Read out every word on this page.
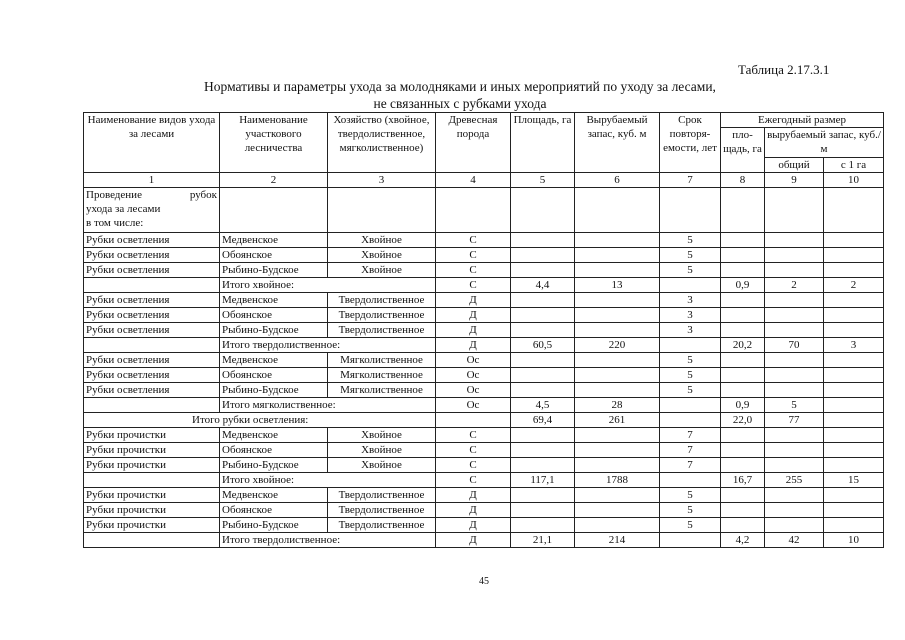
Таблица 2.17.3.1
Нормативы и параметры ухода за молодняками и иных мероприятий по уходу за лесами,
не связанных с рубками ухода
Наименование видов ухода за лесами	Наименование участкового лесничества	Хозяйство (хвойное, твердолиственное, мягколиственное)	Древесная порода	Площадь, га	Вырубаемый запас, куб. м	Срок повторя-емости, лет	Ежегодный размер		
							пло-щадь, га	вырубаемый запас, куб./м	
								общий	с 1 га
1	2	3	4	5	6	7	8	9	10

Проведение рубок
ухода за лесами
в том числе:									

Рубки осветления	Медвенское	Хвойное	С			5			
Рубки осветления	Обоянское	Хвойное	С			5			
Рубки осветления	Рыбино-Будское	Хвойное	С			5			
	Итого хвойное:		С	4,4	13		0,9	2	2
Рубки осветления	Медвенское	Твердолиственное	Д			3			
Рубки осветления	Обоянское	Твердолиственное	Д			3			
Рубки осветления	Рыбино-Будское	Твердолиственное	Д			3			
	Итого твердолиственное:		Д	60,5	220		20,2	70	3
Рубки осветления	Медвенское	Мягколиственное	Ос			5			
Рубки осветления	Обоянское	Мягколиственное	Ос			5			
Рубки осветления	Рыбино-Будское	Мягколиственное	Ос			5			
	Итого мягколиственное:		Ос	4,5	28		0,9	5	
Итого рубки осветления:				69,4	261		22,0	77	
Рубки прочистки	Медвенское	Хвойное	С			7			
Рубки прочистки	Обоянское	Хвойное	С			7			
Рубки прочистки	Рыбино-Будское	Хвойное	С			7			
	Итого хвойное:		С	117,1	1788		16,7	255	15
Рубки прочистки	Медвенское	Твердолиственное	Д			5			
Рубки прочистки	Обоянское	Твердолиственное	Д			5			
Рубки прочистки	Рыбино-Будское	Твердолиственное	Д			5			
	Итого твердолиственное:		Д	21,1	214		4,2	42	10
45
